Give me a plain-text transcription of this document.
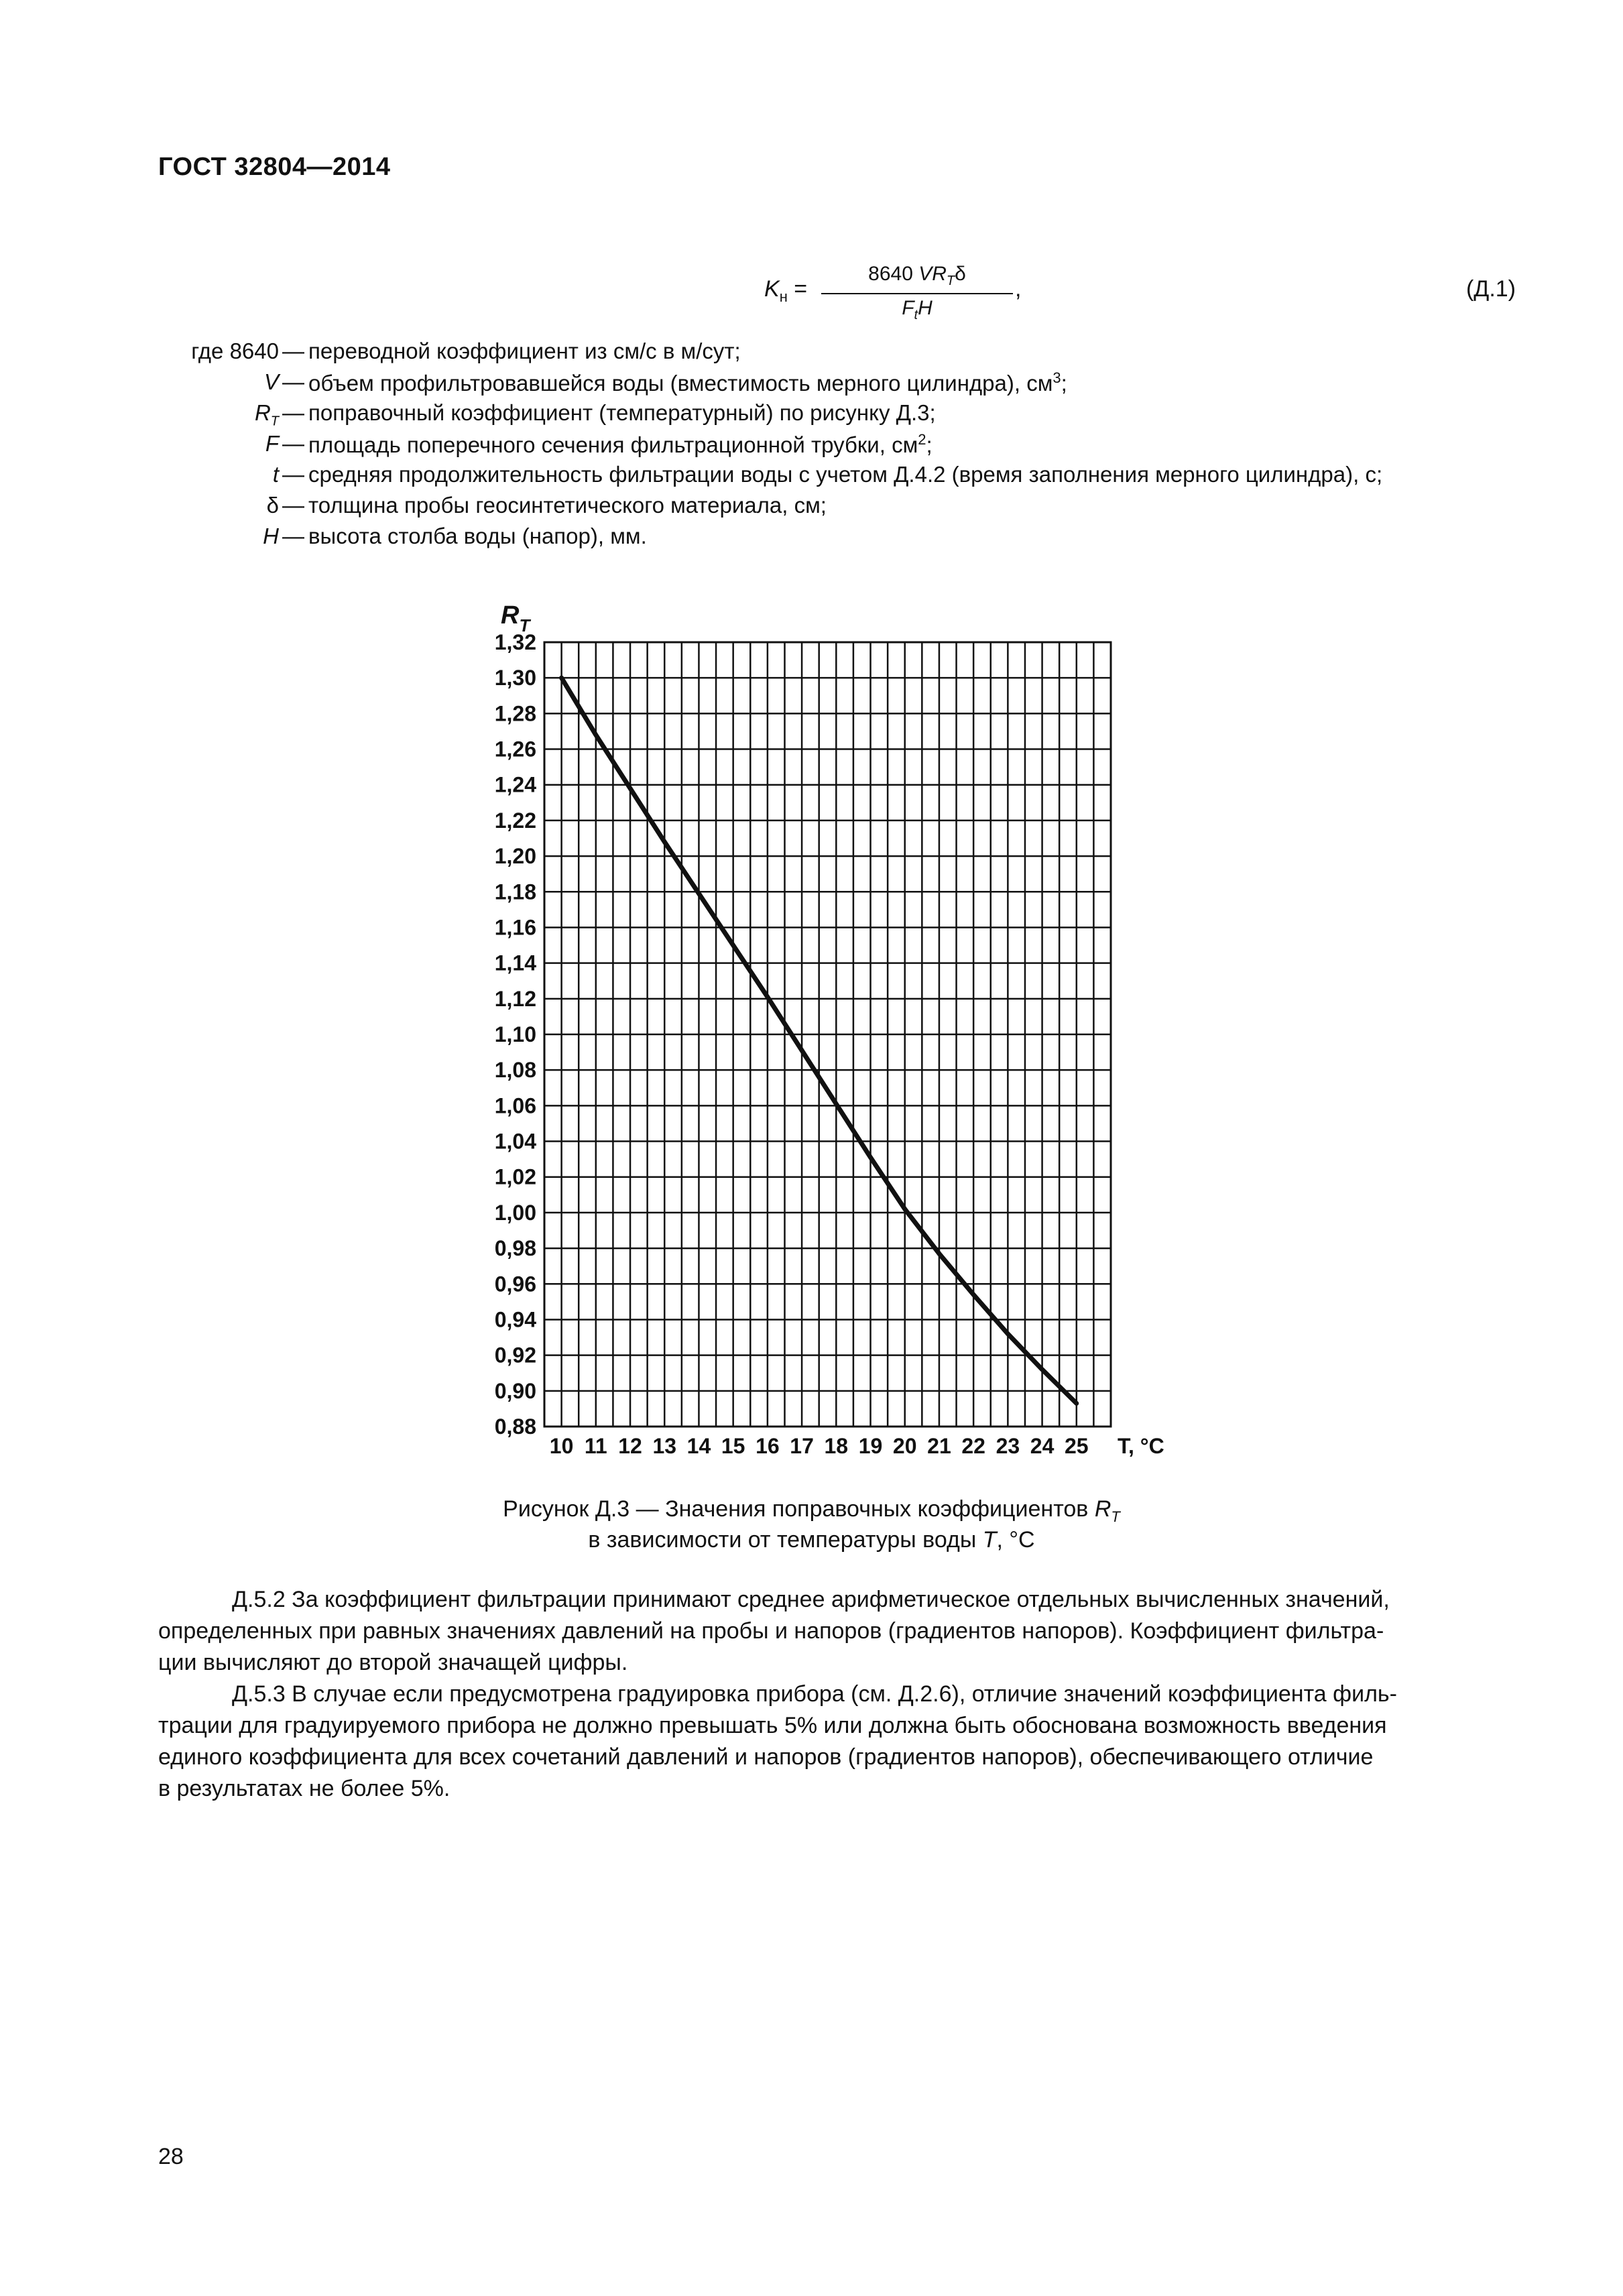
ГОСТ 32804—2014
$K_н$ =
8640 $VR_T\delta$
$F_tH$
,	(Д.1)
где 8640 — переводной коэффициент из см/с в м/сут;
V — объем профильтровавшейся воды (вместимость мерного цилиндра), $см^3$;
$R_T$ — поправочный коэффициент (температурный) по рисунку Д.3;
F — площадь поперечного сечения фильтрационной трубки, $см^2$;
t — средняя продолжительность фильтрации воды с учетом Д.4.2 (время заполнения мерного цилиндра), с;
δ — толщина пробы геосинтетического материала, см;
H — высота столба воды (напор), мм.
0,88
0,90
0,92
0,94
0,96
0,98
1,00
1,02
1,04
1,06
1,08
1,10
1,12
1,14
1,16
1,18
1,20
1,22
1,24
1,26
1,28
1,30
1,32
10 11 12 13 14 15 16 17 18 19 20 21 22 23 24 25 T, °C
$R_T$
Рисунок Д.3 — Значения поправочных коэффициентов $R_T$
в зависимости от температуры воды T, °C
Д.5.2 За коэффициент фильтрации принимают среднее арифметическое отдельных вычисленных значений,
определенных при равных значениях давлений на пробы и напоров (градиентов напоров). Коэффициент фильтра-
ции вычисляют до второй значащей цифры.
Д.5.3 В случае если предусмотрена градуировка прибора (см. Д.2.6), отличие значений коэффициента филь-
трации для градуируемого прибора не должно превышать 5% или должна быть обоснована возможность введения
единого коэффициента для всех сочетаний давлений и напоров (градиентов напоров), обеспечивающего отличие
в результатах не более 5%.
28
